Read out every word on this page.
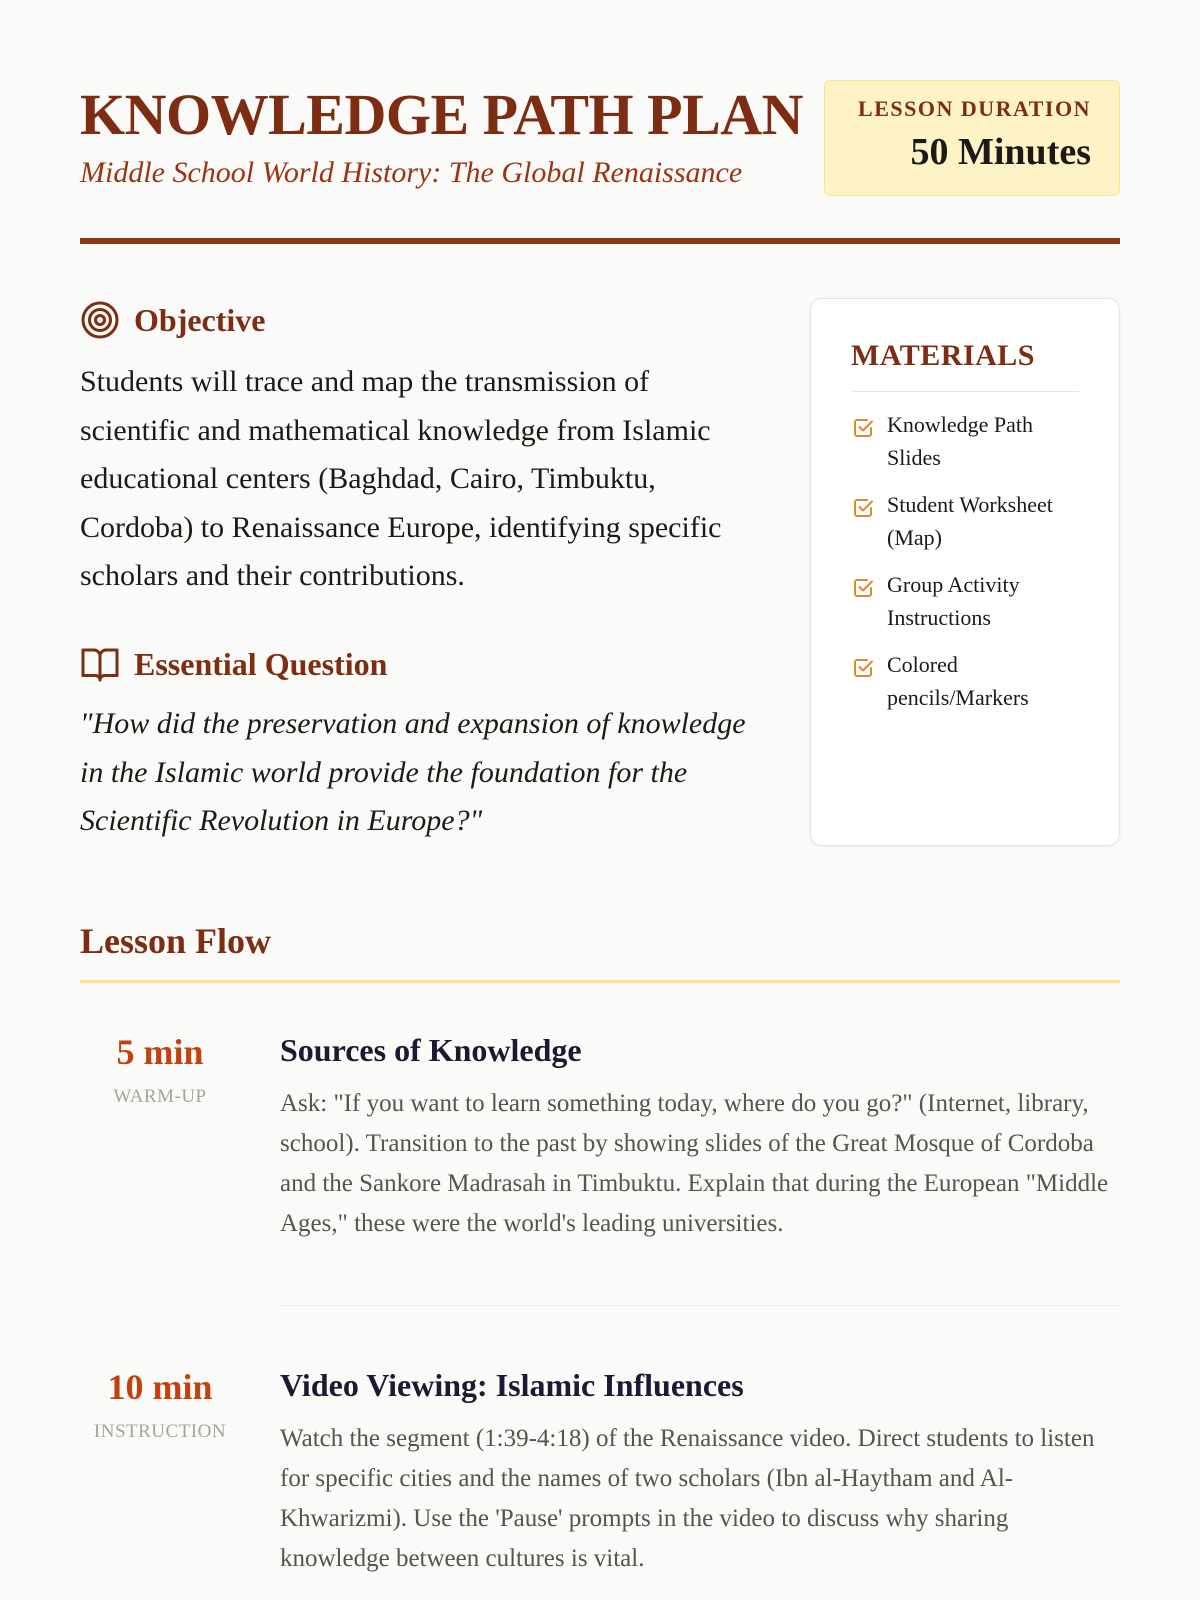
KNOWLEDGE PATH PLAN
Middle School World History: The Global Renaissance
LESSON DURATION
50 Minutes
Objective

Students will trace and map the transmission of scientific and mathematical knowledge from Islamic educational centers (Baghdad, Cairo, Timbuktu, Cordoba) to Renaissance Europe, identifying specific scholars and their contributions.

Essential Question

"How did the preservation and expansion of knowledge in the Islamic world provide the foundation for the Scientific Revolution in Europe?"

MATERIALS
Knowledge Path Slides
Student Worksheet (Map)
Group Activity Instructions
Colored pencils/Markers
Lesson Flow
5 min
WARM-UP
Sources of Knowledge
Ask: "If you want to learn something today, where do you go?" (Internet, library, school). Transition to the past by showing slides of the Great Mosque of Cordoba and the Sankore Madrasah in Timbuktu. Explain that during the European "Middle Ages," these were the world's leading universities.
10 min
INSTRUCTION
Video Viewing: Islamic Influences
Watch the segment (1:39-4:18) of the Renaissance video. Direct students to listen for specific cities and the names of two scholars (Ibn al-Haytham and Al-Khwarizmi). Use the 'Pause' prompts in the video to discuss why sharing knowledge between cultures is vital.
